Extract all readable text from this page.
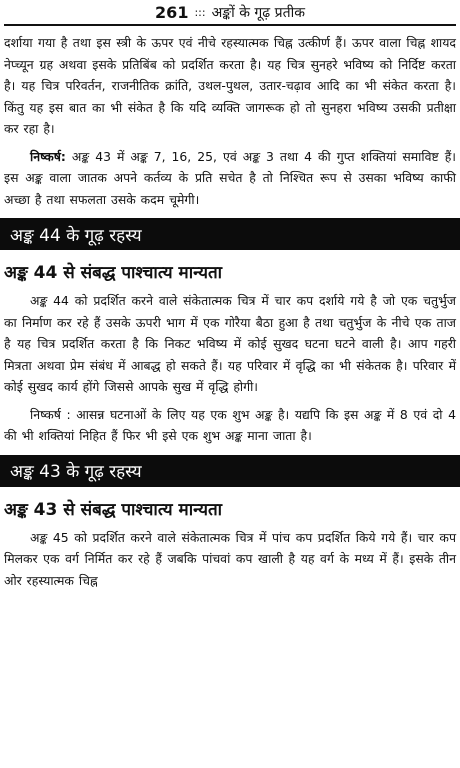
261 ::: अङ्कों के गूढ़ प्रतीक

दर्शाया गया है तथा इस स्त्री के ऊपर एवं नीचे रहस्यात्मक चिह्न उत्कीर्ण हैं। ऊपर वाला चिह्न शायद नेप्च्यून ग्रह अथवा इसके प्रतिबिंब को प्रदर्शित करता है। यह चित्र सुनहरे भविष्य को निर्दिष्ट करता है। यह चित्र परिवर्तन, राजनीतिक क्रांति, उथल-पुथल, उतार-चढ़ाव आदि का भी संकेत करता है। किंतु यह इस बात का भी संकेत है कि यदि व्यक्ति जागरूक हो तो सुनहरा भविष्य उसकी प्रतीक्षा कर रहा है।

निष्कर्ष: अङ्क 43 में अङ्क 7, 16, 25, एवं अङ्क 3 तथा 4 की गुप्त शक्तियां समाविष्ट हैं। इस अङ्क वाला जातक अपने कर्तव्य के प्रति सचेत है तो निश्चित रूप से उसका भविष्य काफी अच्छा है तथा सफलता उसके कदम चूमेगी।

अङ्क 44 के गूढ़ रहस्य
अङ्क 44 से संबद्ध पाश्चात्य मान्यता

अङ्क 44 को प्रदर्शित करने वाले संकेतात्मक चित्र में चार कप दर्शाये गये है जो एक चतुर्भुज का निर्माण कर रहे हैं उसके ऊपरी भाग में एक गोरैया बैठा हुआ है तथा चतुर्भुज के नीचे एक ताज है यह चित्र प्रदर्शित करता है कि निकट भविष्य में कोई सुखद घटना घटने वाली है। आप गहरी मित्रता अथवा प्रेम संबंध में आबद्ध हो सकते हैं। यह परिवार में वृद्धि का भी संकेतक है। परिवार में कोई सुखद कार्य होंगे जिससे आपके सुख में वृद्धि होगी।

निष्कर्ष : आसन्न घटनाओं के लिए यह एक शुभ अङ्क है। यद्यपि कि इस अङ्क में 8 एवं दो 4 की भी शक्तियां निहित हैं फिर भी इसे एक शुभ अङ्क माना जाता है।

अङ्क 43 के गूढ़ रहस्य
अङ्क 43 से संबद्ध पाश्चात्य मान्यता

अङ्क 45 को प्रदर्शित करने वाले संकेतात्मक चित्र में पांच कप प्रदर्शित किये गये हैं। चार कप मिलकर एक वर्ग निर्मित कर रहे हैं जबकि पांचवां कप खाली है यह वर्ग के मध्य में हैं। इसके तीन ओर रहस्यात्मक चिह्न
